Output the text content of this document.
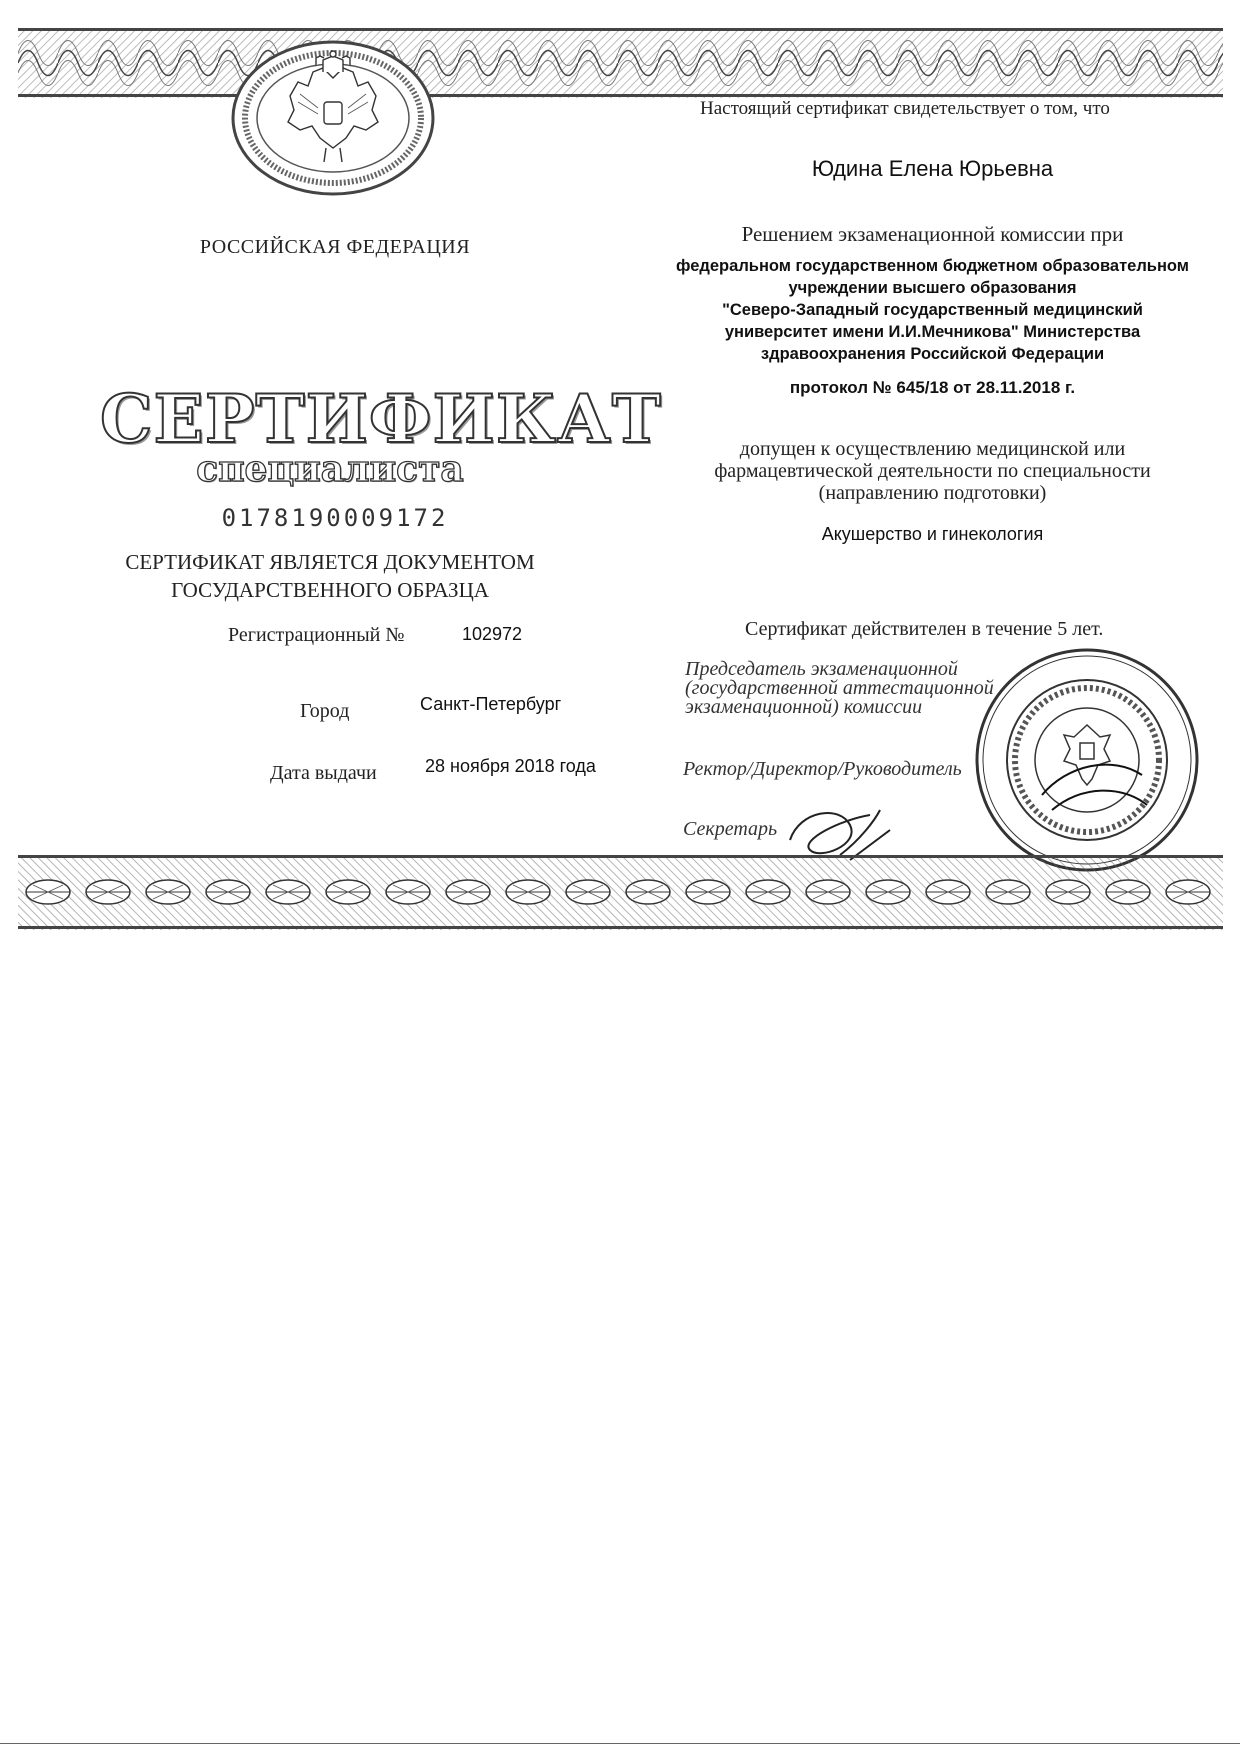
РОССИЙСКАЯ ФЕДЕРАЦИЯ
СЕРТИФИКАТ
специалиста
0178190009172
СЕРТИФИКАТ ЯВЛЯЕТСЯ ДОКУМЕНТОМ ГОСУДАРСТВЕННОГО ОБРАЗЦА
Регистрационный №	102972
Город	Санкт-Петербург
Дата выдачи	28 ноября 2018 года
Настоящий сертификат свидетельствует о том, что
Юдина Елена Юрьевна
Решением экзаменационной комиссии при
федеральном государственном бюджетном образовательном
учреждении высшего образования
"Северо-Западный государственный медицинский
университет имени И.И.Мечникова" Министерства
здравоохранения Российской Федерации
протокол № 645/18 от 28.11.2018 г.
допущен к осуществлению медицинской или
фармацевтической деятельности по специальности
(направлению подготовки)
Акушерство и гинекология
Сертификат действителен в течение 5 лет.
Председатель экзаменационной
(государственной аттестационной
экзаменационной) комиссии
Ректор/Директор/Руководитель
Секретарь
